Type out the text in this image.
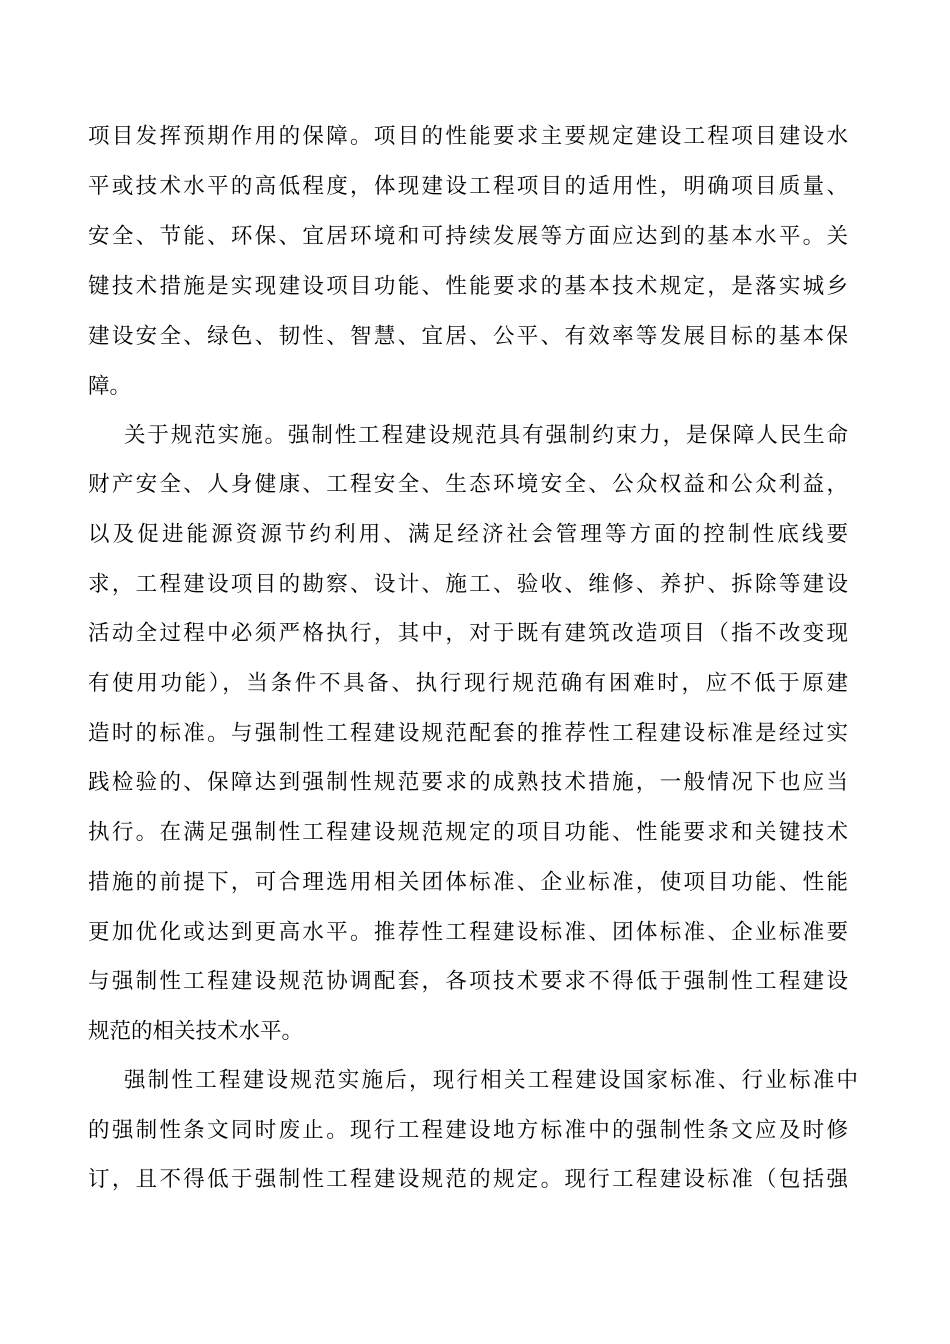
项目发挥预期作用的保障。项目的性能要求主要规定建设工程项目建设水
平或技术水平的高低程度，体现建设工程项目的适用性，明确项目质量、
安全、节能、环保、宜居环境和可持续发展等方面应达到的基本水平。关
键技术措施是实现建设项目功能、性能要求的基本技术规定，是落实城乡
建设安全、绿色、韧性、智慧、宜居、公平、有效率等发展目标的基本保
障。
关于规范实施。强制性工程建设规范具有强制约束力，是保障人民生命
财产安全、人身健康、工程安全、生态环境安全、公众权益和公众利益，
以及促进能源资源节约利用、满足经济社会管理等方面的控制性底线要
求，工程建设项目的勘察、设计、施工、验收、维修、养护、拆除等建设
活动全过程中必须严格执行，其中，对于既有建筑改造项目（指不改变现
有使用功能），当条件不具备、执行现行规范确有困难时，应不低于原建
造时的标准。与强制性工程建设规范配套的推荐性工程建设标准是经过实
践检验的、保障达到强制性规范要求的成熟技术措施，一般情况下也应当
执行。在满足强制性工程建设规范规定的项目功能、性能要求和关键技术
措施的前提下，可合理选用相关团体标准、企业标准，使项目功能、性能
更加优化或达到更高水平。推荐性工程建设标准、团体标准、企业标准要
与强制性工程建设规范协调配套，各项技术要求不得低于强制性工程建设
规范的相关技术水平。
强制性工程建设规范实施后，现行相关工程建设国家标准、行业标准中
的强制性条文同时废止。现行工程建设地方标准中的强制性条文应及时修
订，且不得低于强制性工程建设规范的规定。现行工程建设标准（包括强
